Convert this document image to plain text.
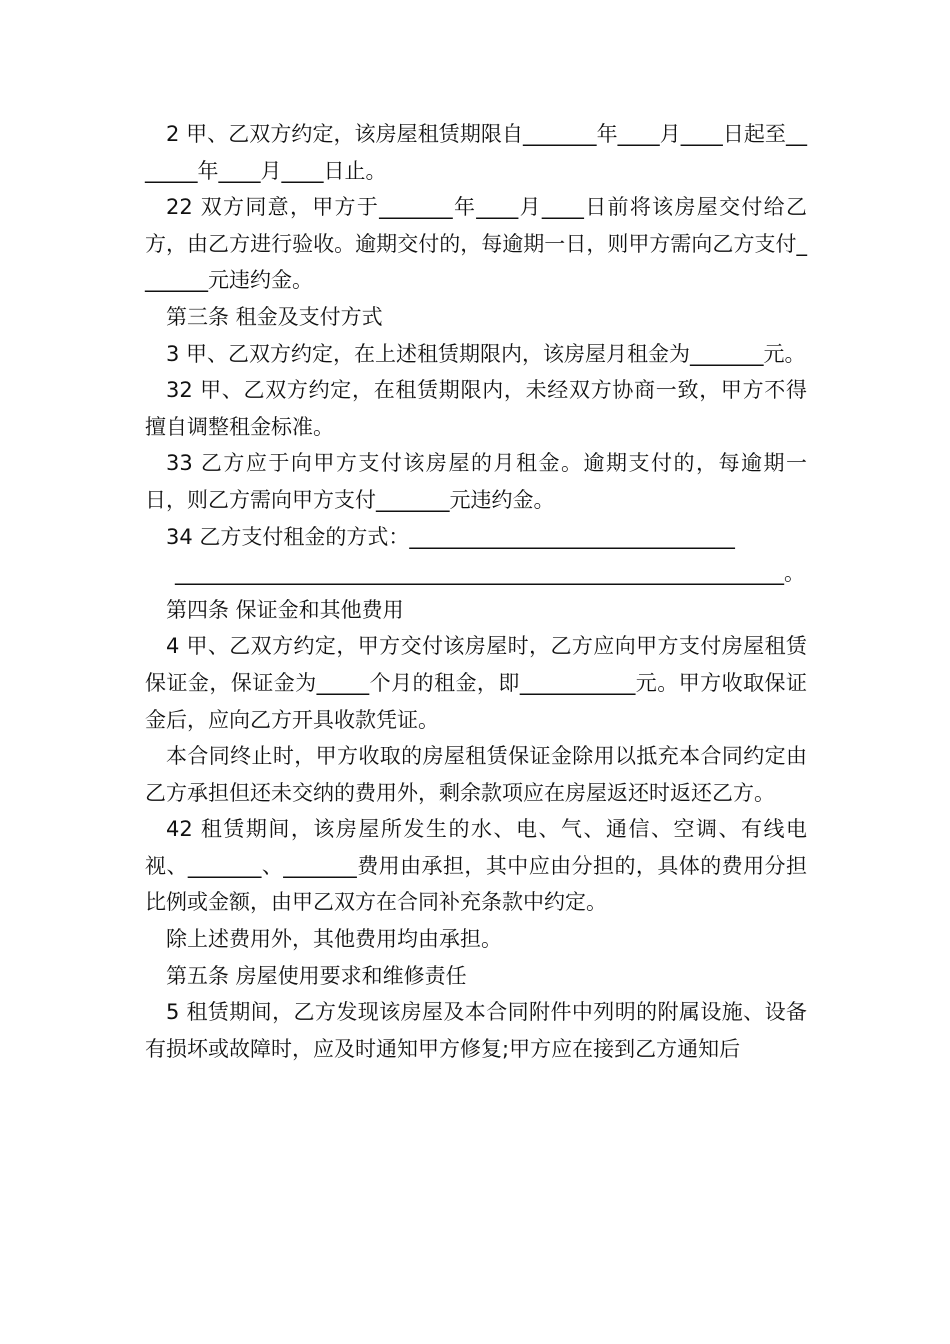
2 甲、乙双方约定，该房屋租赁期限自_______年____月____日起至_______年____月____日止。

22 双方同意，甲方于_______年____月____日前将该房屋交付给乙方，由乙方进行验收。逾期交付的，每逾期一日，则甲方需向乙方支付_______元违约金。

第三条 租金及支付方式

3 甲、乙双方约定，在上述租赁期限内，该房屋月租金为_______元。

32 甲、乙双方约定，在租赁期限内，未经双方协商一致，甲方不得擅自调整租金标准。

33 乙方应于向甲方支付该房屋的月租金。逾期支付的，每逾期一日，则乙方需向甲方支付_______元违约金。

34 乙方支付租金的方式：_______________________________

__________________________________________________________。

第四条 保证金和其他费用

4 甲、乙双方约定，甲方交付该房屋时，乙方应向甲方支付房屋租赁保证金，保证金为_____个月的租金，即___________元。甲方收取保证金后，应向乙方开具收款凭证。

本合同终止时，甲方收取的房屋租赁保证金除用以抵充本合同约定由乙方承担但还未交纳的费用外，剩余款项应在房屋返还时返还乙方。

42 租赁期间，该房屋所发生的水、电、气、通信、空调、有线电视、_______、_______费用由承担，其中应由分担的，具体的费用分担比例或金额，由甲乙双方在合同补充条款中约定。

除上述费用外，其他费用均由承担。

第五条 房屋使用要求和维修责任

5 租赁期间，乙方发现该房屋及本合同附件中列明的附属设施、设备有损坏或故障时，应及时通知甲方修复;甲方应在接到乙方通知后
